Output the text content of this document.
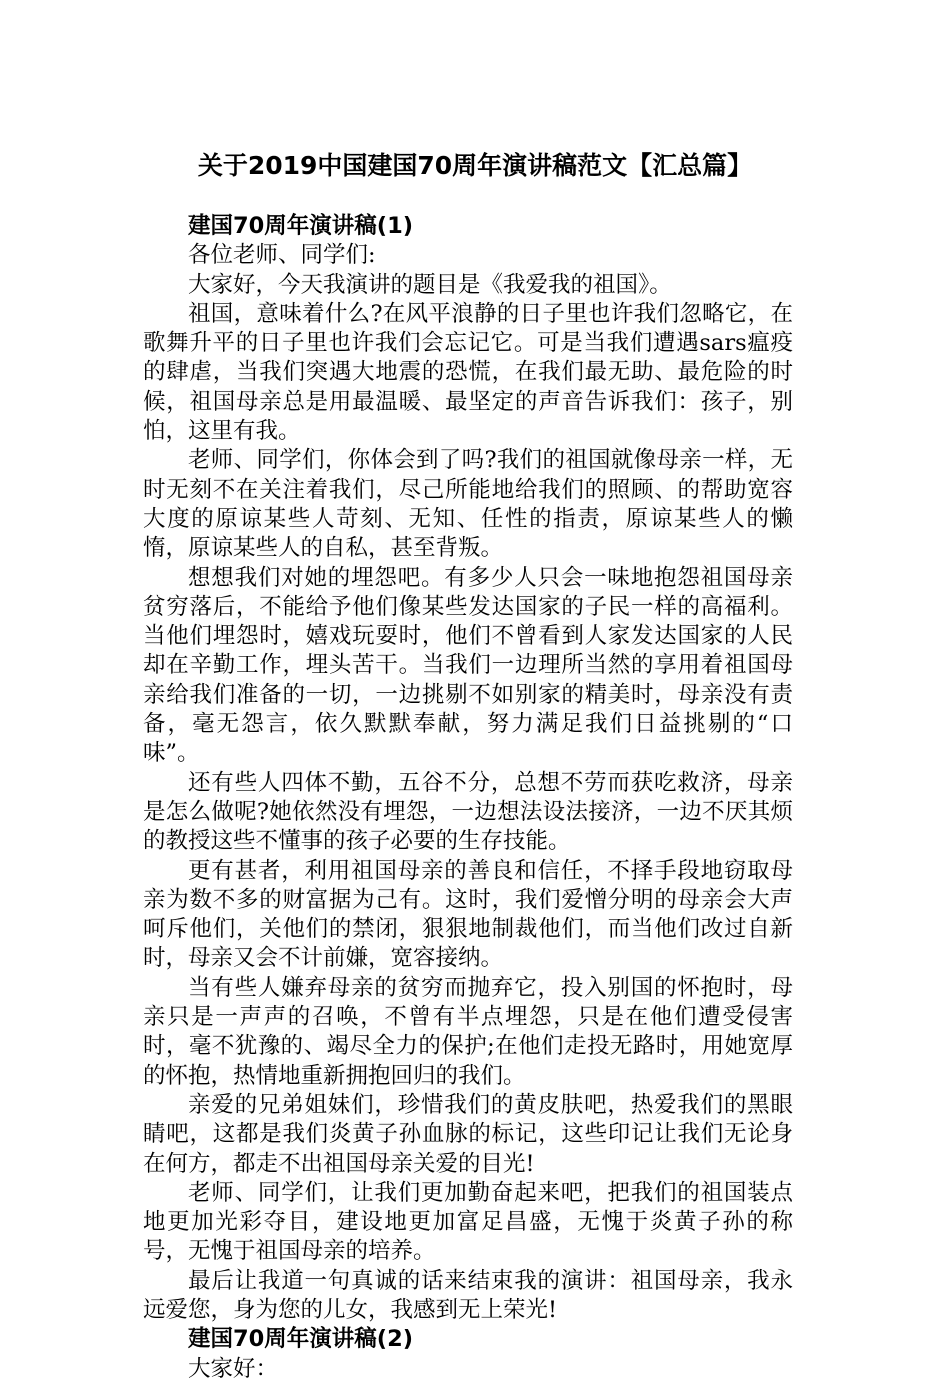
关于2019中国建国70周年演讲稿范文【汇总篇】
建国70周年演讲稿(1)

各位老师、同学们:

大家好，今天我演讲的题目是《我爱我的祖国》。

祖国，意味着什么?在风平浪静的日子里也许我们忽略它，在歌舞升平的日子里也许我们会忘记它。可是当我们遭遇sars瘟疫的肆虐，当我们突遇大地震的恐慌，在我们最无助、最危险的时候，祖国母亲总是用最温暖、最坚定的声音告诉我们：孩子，别怕，这里有我。

老师、同学们，你体会到了吗?我们的祖国就像母亲一样，无时无刻不在关注着我们，尽己所能地给我们的照顾、的帮助宽容大度的原谅某些人苛刻、无知、任性的指责，原谅某些人的懒惰，原谅某些人的自私，甚至背叛。

想想我们对她的埋怨吧。有多少人只会一味地抱怨祖国母亲贫穷落后，不能给予他们像某些发达国家的子民一样的高福利。当他们埋怨时，嬉戏玩耍时，他们不曾看到人家发达国家的人民却在辛勤工作，埋头苦干。当我们一边理所当然的享用着祖国母亲给我们准备的一切，一边挑剔不如别家的精美时，母亲没有责备，毫无怨言，依久默默奉献，努力满足我们日益挑剔的“口味”。

还有些人四体不勤，五谷不分，总想不劳而获吃救济，母亲是怎么做呢?她依然没有埋怨，一边想法设法接济，一边不厌其烦的教授这些不懂事的孩子必要的生存技能。

更有甚者，利用祖国母亲的善良和信任，不择手段地窃取母亲为数不多的财富据为己有。这时，我们爱憎分明的母亲会大声呵斥他们，关他们的禁闭，狠狠地制裁他们，而当他们改过自新时，母亲又会不计前嫌，宽容接纳。

当有些人嫌弃母亲的贫穷而抛弃它，投入别国的怀抱时，母亲只是一声声的召唤，不曾有半点埋怨，只是在他们遭受侵害时，毫不犹豫的、竭尽全力的保护;在他们走投无路时，用她宽厚的怀抱，热情地重新拥抱回归的我们。

亲爱的兄弟姐妹们，珍惜我们的黄皮肤吧，热爱我们的黑眼睛吧，这都是我们炎黄子孙血脉的标记，这些印记让我们无论身在何方，都走不出祖国母亲关爱的目光!

老师、同学们，让我们更加勤奋起来吧，把我们的祖国装点地更加光彩夺目，建设地更加富足昌盛，无愧于炎黄子孙的称号，无愧于祖国母亲的培养。

最后让我道一句真诚的话来结束我的演讲：祖国母亲，我永远爱您，身为您的儿女，我感到无上荣光!

建国70周年演讲稿(2)

大家好：
